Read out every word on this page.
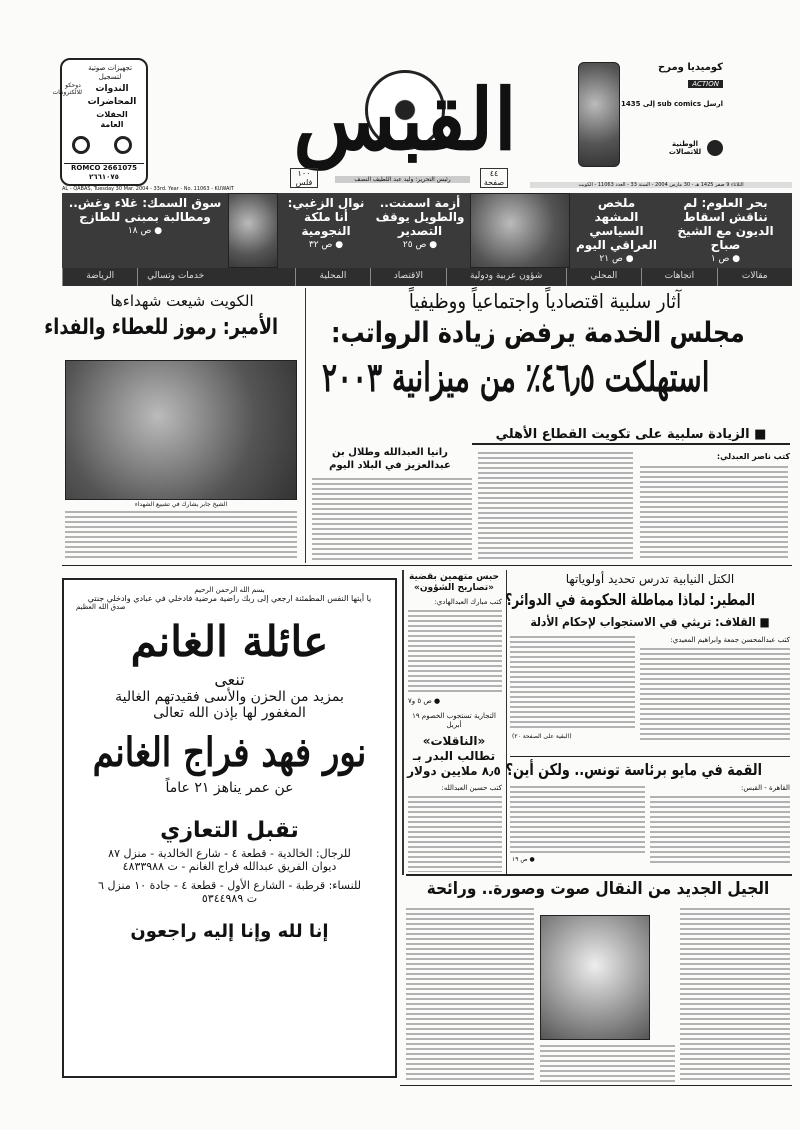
تجهيزات صوتية لتسجيل
الندوات
المحاضرات
الحفلات العامة
دوحكو للالكترونيات
ROMCO 2661075 ٢٦٦١٠٧٥
AL - QABAS, Tuesday 30 Mar. 2004 - 33rd. Year - No. 11063 - KUWAIT
القبس
١٠٠ فلس	رئيس التحرير: وليد عبد اللطيف النصف
٤٤ صفحة
كوميديا ومرح
ACTION
ارسل sub comics إلى 1435
الوطنية للاتصالات
الثلاثاء 9 صفر 1425 هـ - 30 مارس 2004 - السنة 33 - العدد 11063 - الكويت
بحر العلوم: لم نناقش اسقاط الديون مع الشيخ صباح
● ص ١
ملخص المشهد السياسي العراقي اليوم
● ص ٢١
أزمة اسمنت.. والطويل يوقف التصدير
● ص ٢٥
نوال الزغبي: أنا ملكة النجومية
● ص ٣٢
سوق السمك: غلاء وغش.. ومطالبة بمبنى للطازج
● ص ١٨
مقالات
اتجاهات
المحلي
شؤون عربية ودولية
الاقتصاد
المحلية
خدمات وتسالي
الرياضة
آثار سلبية اقتصادياً واجتماعياً ووظيفياً
مجلس الخدمة يرفض زيادة الرواتب:
استهلكت ٤٦٫٥٪ من ميزانية ٢٠٠٣
■ الزيادة سلبية على تكويت القطاع الأهلي
كتب ناصر العبدلي:
الكويت شيعت شهداءها
الأمير: رموز للعطاء والفداء
الشيخ جابر يشارك في تشييع الشهداء
رانيا العبدالله وطلال بن عبدالعزيز في البلاد اليوم
بسم الله الرحمن الرحيم
يا أيتها النفس المطمئنة ارجعي إلى ربك راضية مرضية فادخلي في عبادي وادخلي جنتي
صدق الله العظيم
عائلة الغانم
تنعى
بمزيد من الحزن والأسى فقيدتهم الغالية
المغفور لها بإذن الله تعالى
نور فهد فراج الغانم
عن عمر يناهز ٢١ عاماً
تقبل التعازي
للرجال: الخالدية - قطعة ٤ - شارع الخالدية - منزل ٨٧
ديوان الفريق عبدالله فراج الغانم - ت ٤٨٣٣٩٨٨
للنساء: قرطبة - الشارع الأول - قطعة ٤ - جادة ١٠ منزل ٦
ت ٥٣٤٤٩٨٩
إنا لله وإنا إليه راجعون
حبس متهمين بقضية «تصاريح الشؤون»
كتب مبارك العبدالهادي:
● ص ٥ و٧
التجارية تستجوب الخصوم ١٩ أبريل
«الناقلات» تطالب البدر بـ ٨٫٥ ملايين دولار
كتب حسين العبدالله:
الكتل النيابية تدرس تحديد أولوياتها
المطير: لماذا مماطلة الحكومة في الدوائر؟
■ القلاف: تريثي في الاستجواب لإحكام الأدلة
كتب عبدالمحسن جمعة وابراهيم المعيدي:
(البقية على الصفحة ٢٠)
القمة في مايو برئاسة تونس.. ولكن أين؟
القاهرة - القبس:
● ص ١٩
الجيل الجديد من النقال صوت وصورة.. ورائحة
